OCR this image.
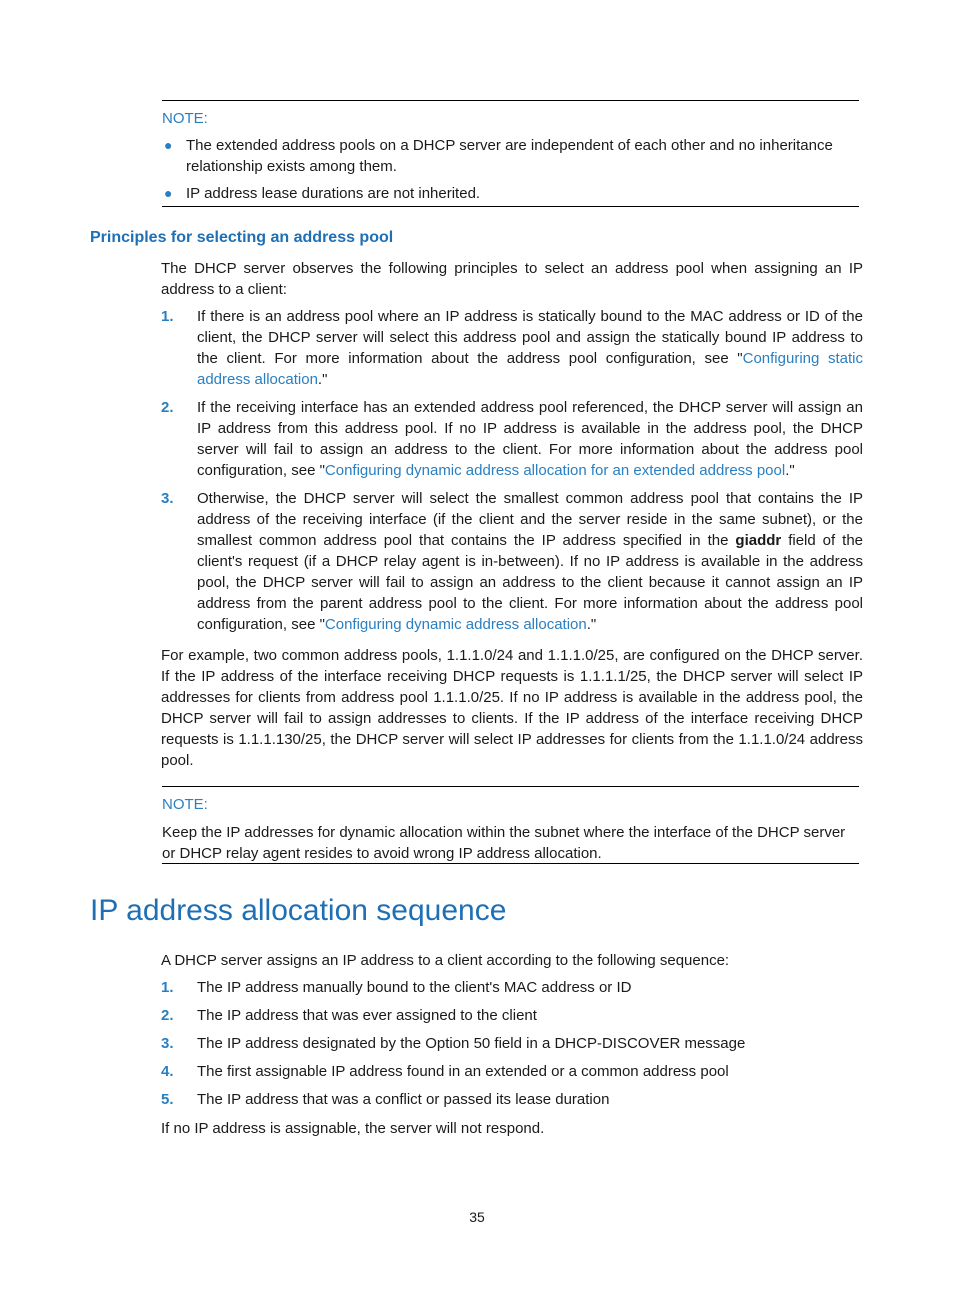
NOTE:
● The extended address pools on a DHCP server are independent of each other and no inheritance relationship exists among them.
● IP address lease durations are not inherited.
Principles for selecting an address pool
The DHCP server observes the following principles to select an address pool when assigning an IP address to a client:
1. If there is an address pool where an IP address is statically bound to the MAC address or ID of the client, the DHCP server will select this address pool and assign the statically bound IP address to the client. For more information about the address pool configuration, see "Configuring static address allocation."
2. If the receiving interface has an extended address pool referenced, the DHCP server will assign an IP address from this address pool. If no IP address is available in the address pool, the DHCP server will fail to assign an address to the client. For more information about the address pool configuration, see "Configuring dynamic address allocation for an extended address pool."
3. Otherwise, the DHCP server will select the smallest common address pool that contains the IP address of the receiving interface (if the client and the server reside in the same subnet), or the smallest common address pool that contains the IP address specified in the giaddr field of the client's request (if a DHCP relay agent is in-between). If no IP address is available in the address pool, the DHCP server will fail to assign an address to the client because it cannot assign an IP address from the parent address pool to the client. For more information about the address pool configuration, see "Configuring dynamic address allocation."
For example, two common address pools, 1.1.1.0/24 and 1.1.1.0/25, are configured on the DHCP server. If the IP address of the interface receiving DHCP requests is 1.1.1.1/25, the DHCP server will select IP addresses for clients from address pool 1.1.1.0/25. If no IP address is available in the address pool, the DHCP server will fail to assign addresses to clients. If the IP address of the interface receiving DHCP requests is 1.1.1.130/25, the DHCP server will select IP addresses for clients from the 1.1.1.0/24 address pool.
NOTE:
Keep the IP addresses for dynamic allocation within the subnet where the interface of the DHCP server or DHCP relay agent resides to avoid wrong IP address allocation.
IP address allocation sequence
A DHCP server assigns an IP address to a client according to the following sequence:
1. The IP address manually bound to the client's MAC address or ID
2. The IP address that was ever assigned to the client
3. The IP address designated by the Option 50 field in a DHCP-DISCOVER message
4. The first assignable IP address found in an extended or a common address pool
5. The IP address that was a conflict or passed its lease duration
If no IP address is assignable, the server will not respond.
35
